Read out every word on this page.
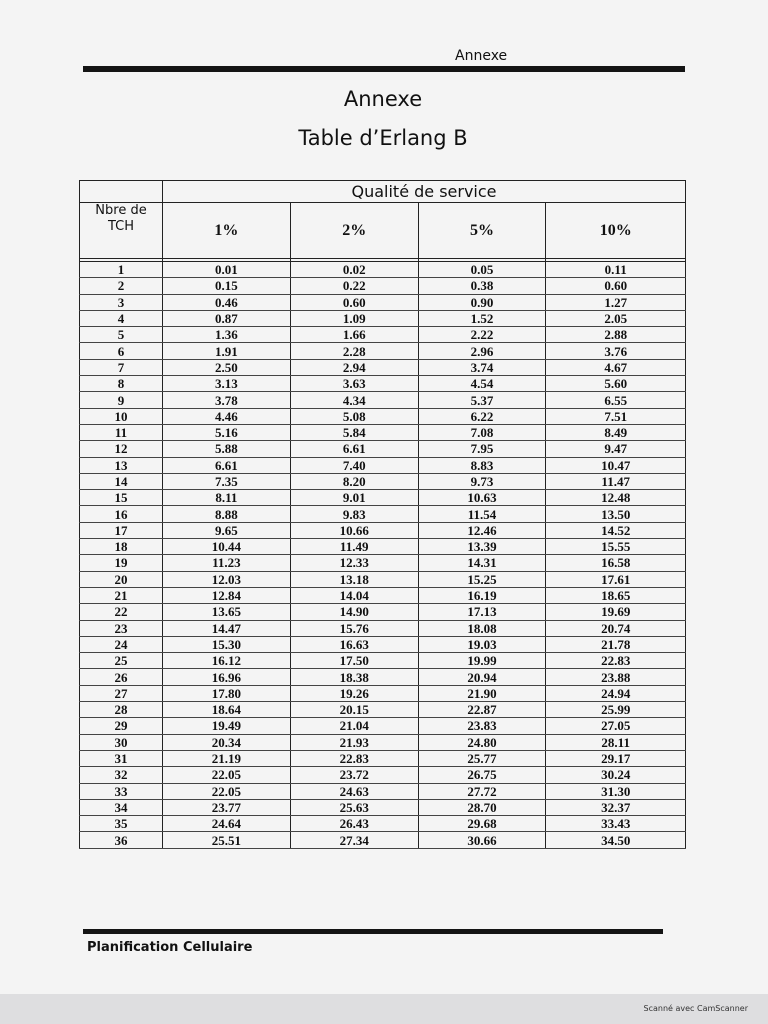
Annexe
Annexe
Table d’Erlang B
	Qualité de service			

Nbre de
TCH	1%	2%	5%	10%

1	0.01	0.02	0.05	0.11
2	0.15	0.22	0.38	0.60
3	0.46	0.60	0.90	1.27
4	0.87	1.09	1.52	2.05
5	1.36	1.66	2.22	2.88
6	1.91	2.28	2.96	3.76
7	2.50	2.94	3.74	4.67
8	3.13	3.63	4.54	5.60
9	3.78	4.34	5.37	6.55
10	4.46	5.08	6.22	7.51
11	5.16	5.84	7.08	8.49
12	5.88	6.61	7.95	9.47
13	6.61	7.40	8.83	10.47
14	7.35	8.20	9.73	11.47
15	8.11	9.01	10.63	12.48
16	8.88	9.83	11.54	13.50
17	9.65	10.66	12.46	14.52
18	10.44	11.49	13.39	15.55
19	11.23	12.33	14.31	16.58
20	12.03	13.18	15.25	17.61
21	12.84	14.04	16.19	18.65
22	13.65	14.90	17.13	19.69
23	14.47	15.76	18.08	20.74
24	15.30	16.63	19.03	21.78
25	16.12	17.50	19.99	22.83
26	16.96	18.38	20.94	23.88
27	17.80	19.26	21.90	24.94
28	18.64	20.15	22.87	25.99
29	19.49	21.04	23.83	27.05
30	20.34	21.93	24.80	28.11
31	21.19	22.83	25.77	29.17
32	22.05	23.72	26.75	30.24
33	22.05	24.63	27.72	31.30
34	23.77	25.63	28.70	32.37
35	24.64	26.43	29.68	33.43
36	25.51	27.34	30.66	34.50
Planification Cellulaire
Scanné avec CamScanner
